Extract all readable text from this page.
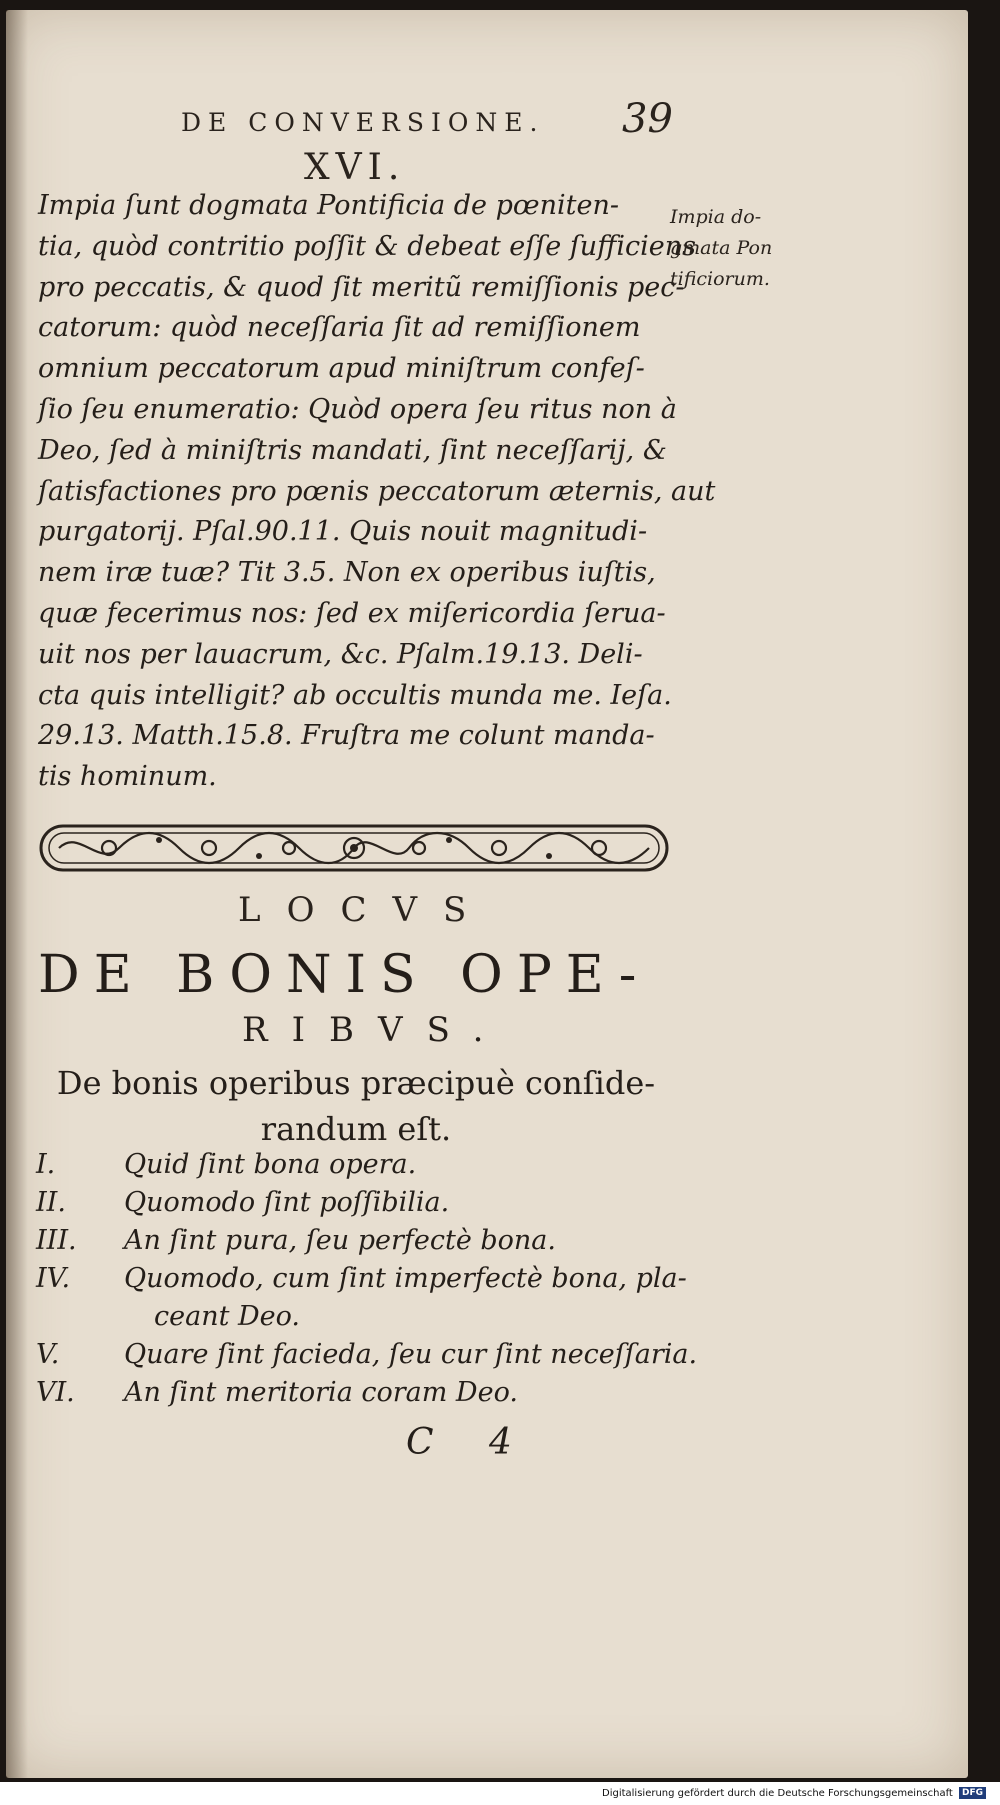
DE CONVERSIONE. 39
XVI.
Impia ſunt dogmata Pontificia de pœniten-
tia, quòd contritio poſſit & debeat eſſe ſufficiens
pro peccatis, & quod ſit meritũ remiſſionis pec-
catorum: quòd neceſſaria ſit ad remiſſionem
omnium peccatorum apud miniſtrum confeſ-
ſio ſeu enumeratio: Quòd opera ſeu ritus non à
Deo, ſed à miniſtris mandati, ſint neceſſarij, &
ſatisfactiones pro pœnis peccatorum æternis, aut
purgatorij. Pſal.90.11. Quis nouit magnitudi-
nem iræ tuæ? Tit 3.5. Non ex operibus iuſtis,
quæ fecerimus nos: ſed ex miſericordia ſerua-
uit nos per lauacrum, &c. Pſalm.19.13. Deli-
cta quis intelligit? ab occultis munda me. Ieſa.
29.13. Matth.15.8. Fruſtra me colunt manda-
tis hominum.
Impia do-
gmata Pon
tificiorum.
LOCVS
DE BONIS OPE-
RIBVS.
De bonis operibus præcipuè conſide-
randum eſt.
I.	Quid ſint bona opera.
II. Quomodo ſint poſſibilia.
III. An ſint pura, ſeu perfectè bona.
IV. Quomodo, cum ſint imperfectè bona, pla-
ceant Deo.
V. Quare ſint facieda, ſeu cur ſint neceſſaria.
VI. An ſint meritoria coram Deo.
C 4
Digitalisierung gefördert durch die Deutsche Forschungsgemeinschaft DFG
